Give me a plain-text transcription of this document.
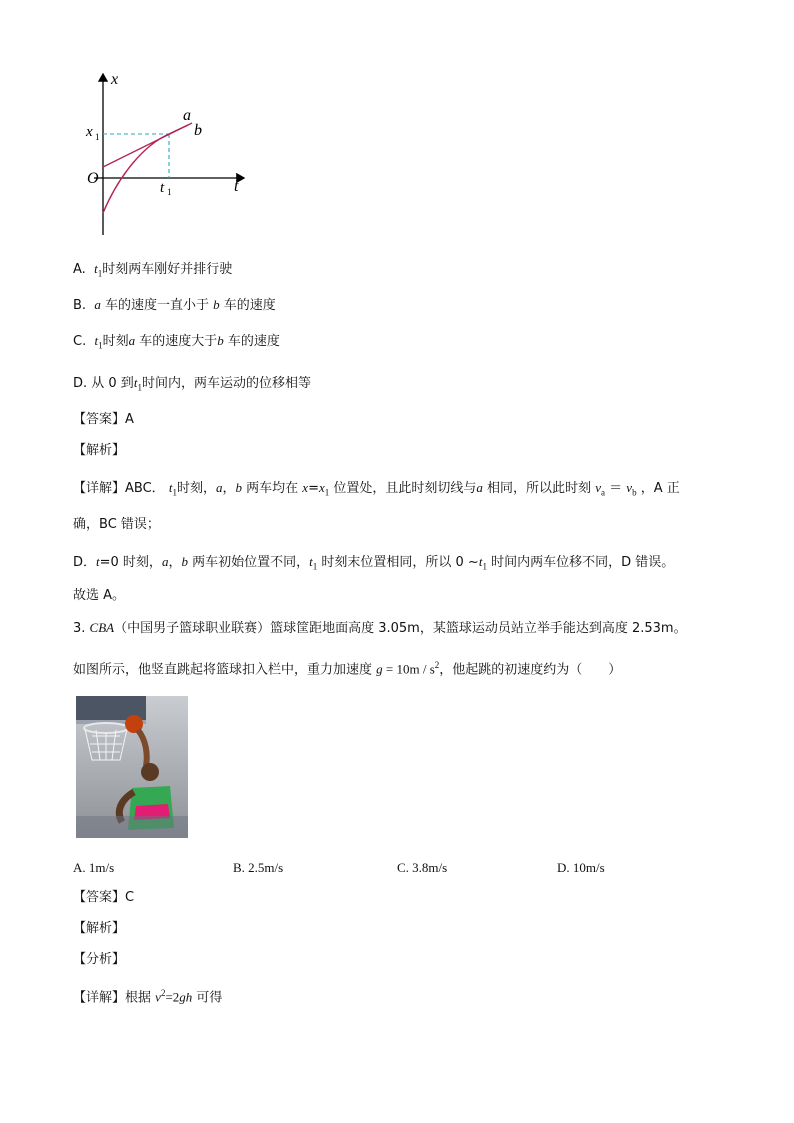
x
t
O
x 1
t 1
a
b
A. $t_1$时刻两车刚好并排行驶
B. a 车的速度一直小于 b 车的速度
C. $t_1$时刻a 车的速度大于b 车的速度
D. 从 0 到$t_1$时间内，两车运动的位移相等
【答案】A
【解析】
【详解】ABC． $t_1$时刻，a，b 两车均在 $x=x_1$ 位置处，且此时刻切线与a 相同，所以此时刻 $v_a = v_b$ ，A 正
确，BC 错误；
D．t=0 时刻，a，b 两车初始位置不同，$t_1$ 时刻末位置相同，所以 0 $\sim t_1$ 时间内两车位移不同，D 错误。
故选 A。
3. CBA（中国男子篮球职业联赛）篮球筐距地面高度 3.05m，某篮球运动员站立举手能达到高度 2.53m。
如图所示，他竖直跳起将篮球扣入栏中，重力加速度 $g = 10m / s^2$，他起跳的初速度约为（　　）
A. 1m/s	B. 2.5m/s	C. 3.8m/s	D. 10m/s
【答案】C
【解析】
【分析】
【详解】根据 $v^2=2gh$ 可得
